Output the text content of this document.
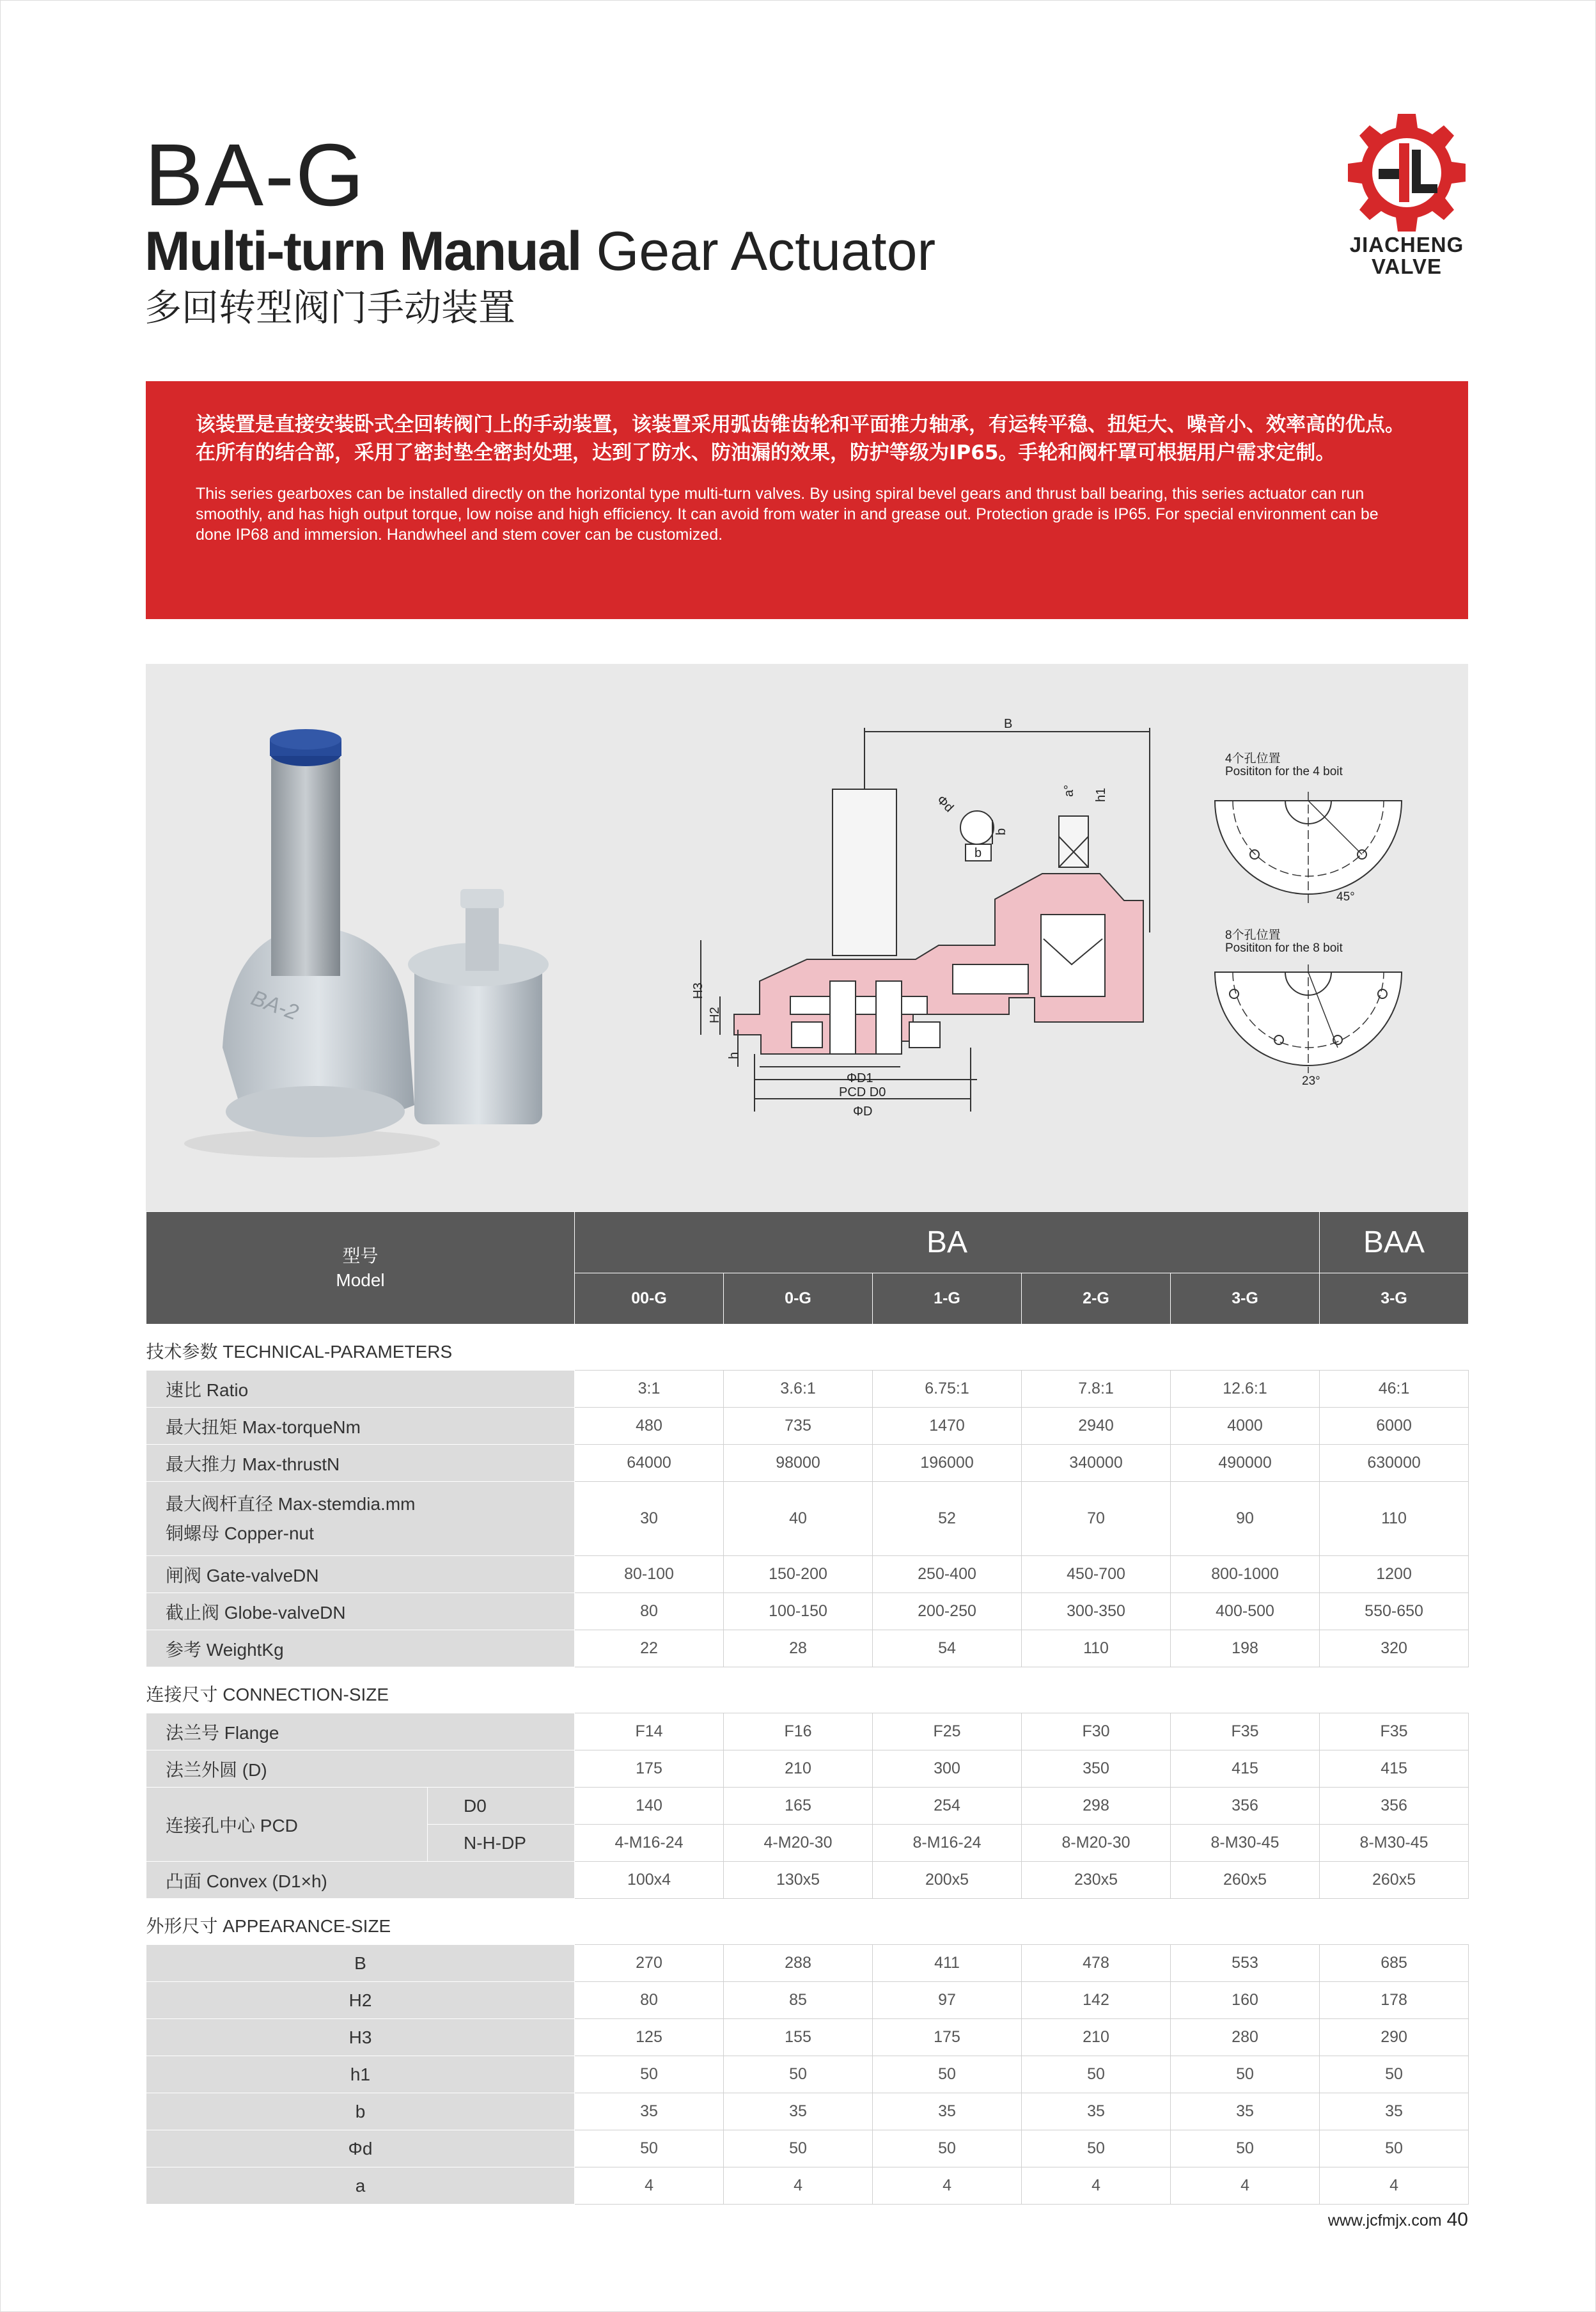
BA-G
Multi-turn Manual Gear Actuator
多回转型阀门手动装置
JIACHENG
VALVE

该装置是直接安装卧式全回转阀门上的手动装置，该装置采用弧齿锥齿轮和平面推力轴承，有运转平稳、扭矩大、噪音小、效率高的优点。在所有的结合部，采用了密封垫全密封处理，达到了防水、防油漏的效果，防护等级为IP65。手轮和阀杆罩可根据用户需求定制。

This series gearboxes can be installed directly on the horizontal type multi-turn valves. By using spiral bevel gears and thrust ball bearing, this series actuator can run smoothly, and has high output torque, low noise and high efficiency. It can avoid from water in and grease out. Protection grade is IP65. For special environment can be done IP68 and immersion. Handwheel and stem cover can be customized.

BA-2
B
Φd
b
b
a° h1
H3
H2
h
ΦD1
PCD D0
ΦD
4个孔位置
Posititon for the 4 boit
45°
8个孔位置
Posititon for the 8 boit
23°
型号
Model		BA					BAA
		00-G	0-G	1-G	2-G	3-G	3-G
技术参数 TECHNICAL-PARAMETERS							
速比 Ratio		3:1	3.6:1	6.75:1	7.8:1	12.6:1	46:1
最大扭矩 Max-torqueNm		480	735	1470	2940	4000	6000
最大推力 Max-thrustN		64000	98000	196000	340000	490000	630000

最大阀杆直径 Max-stemdia.mm
铜螺母 Copper-nut		30	40	52	70	90	110
闸阀 Gate-valveDN		80-100	150-200	250-400	450-700	800-1000	1200
截止阀 Globe-valveDN		80	100-150	200-250	300-350	400-500	550-650
参考 WeightKg		22	28	54	110	198	320
连接尺寸 CONNECTION-SIZE							
法兰号 Flange		F14	F16	F25	F30	F35	F35
法兰外圆 (D)		175	210	300	350	415	415
连接孔中心 PCD	D0	140	165	254	298	356	356
	N-H-DP	4-M16-24	4-M20-30	8-M16-24	8-M20-30	8-M30-45	8-M30-45
凸面 Convex (D1×h)		100x4	130x5	200x5	230x5	260x5	260x5
外形尺寸 APPEARANCE-SIZE							
B		270	288	411	478	553	685
H2		80	85	97	142	160	178
H3		125	155	175	210	280	290
h1		50	50	50	50	50	50
b		35	35	35	35	35	35
Φd		50	50	50	50	50	50
a		4	4	4	4	4	4
www.jcfmjx.com 40
